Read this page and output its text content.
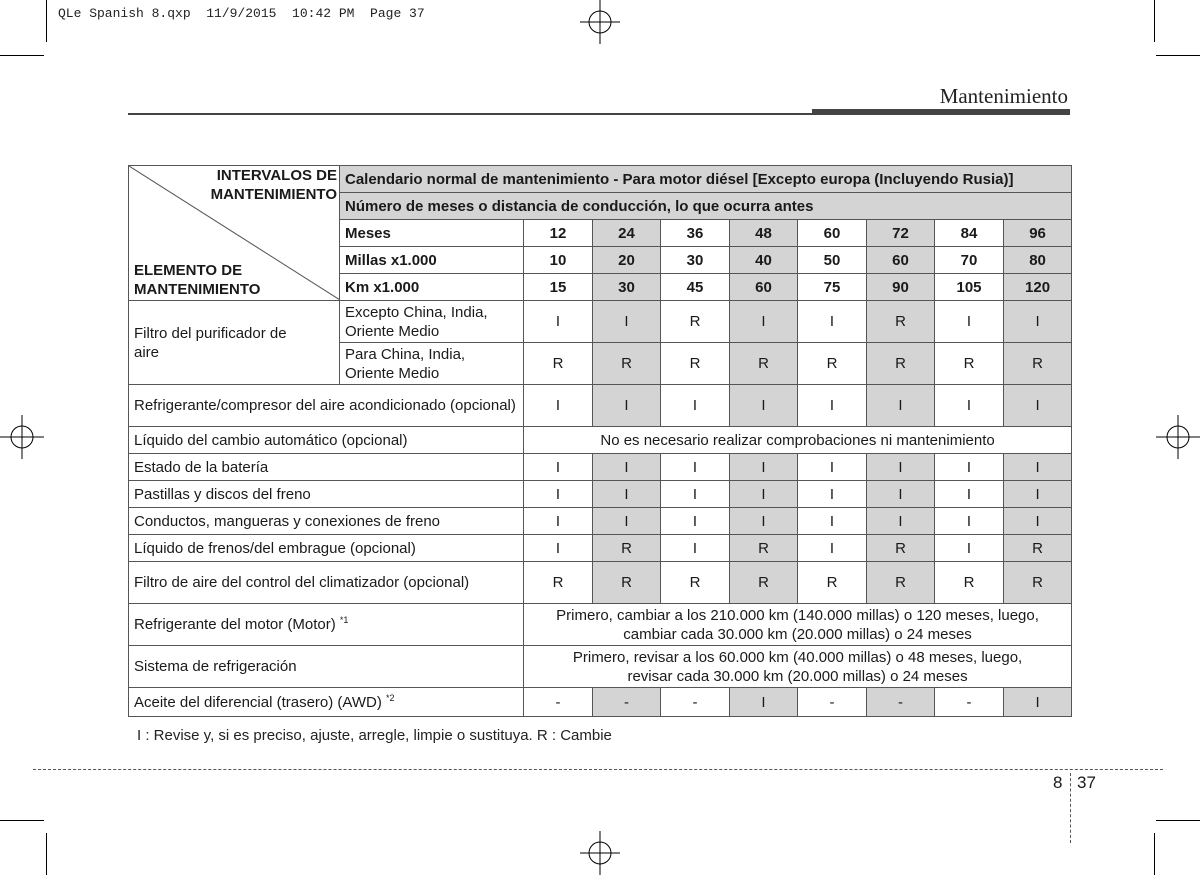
QLe Spanish 8.qxp  11/9/2015  10:42 PM  Page 37
Mantenimiento
INTERVALOS DE MANTENIMIENTO
ELEMENTO DE MANTENIMIENTO	Calendario normal de mantenimiento - Para motor diésel [Excepto europa (Incluyendo Rusia)]								
	Número de meses o distancia de conducción, lo que ocurra antes								
	Meses	12	24	36	48	60	72	84	96
	Millas x1.000	10	20	30	40	50	60	70	80
	Km x1.000	15	30	45	60	75	90	105	120

Filtro del purificador de aire	Excepto China, India, Oriente Medio	I	I	R	I	I	R	I	I
	Para China, India, Oriente Medio	R	R	R	R	R	R	R	R
Refrigerante/compresor del aire acondicionado (opcional)		I	I	I	I	I	I	I	I
Líquido del cambio automático (opcional)		No es necesario realizar comprobaciones ni mantenimiento							
Estado de la batería		I	I	I	I	I	I	I	I
Pastillas y discos del freno		I	I	I	I	I	I	I	I
Conductos, mangueras y conexiones de freno		I	I	I	I	I	I	I	I
Líquido de frenos/del embrague (opcional)		I	R	I	R	I	R	I	R
Filtro de aire del control del climatizador (opcional)		R	R	R	R	R	R	R	R
Refrigerante del motor (Motor) $^{*1}$		Primero, cambiar a los 210.000 km (140.000 millas) o 120 meses, luego, cambiar cada 30.000 km (20.000 millas) o 24 meses							
Sistema de refrigeración		Primero, revisar a los 60.000 km (40.000 millas) o 48 meses, luego, revisar cada 30.000 km (20.000 millas) o 24 meses							
Aceite del diferencial (trasero) (AWD) $^{*2}$		-	-	-	I	-	-	-	I
I : Revise y, si es preciso, ajuste, arregle, limpie o sustituya. R : Cambie
8 37
